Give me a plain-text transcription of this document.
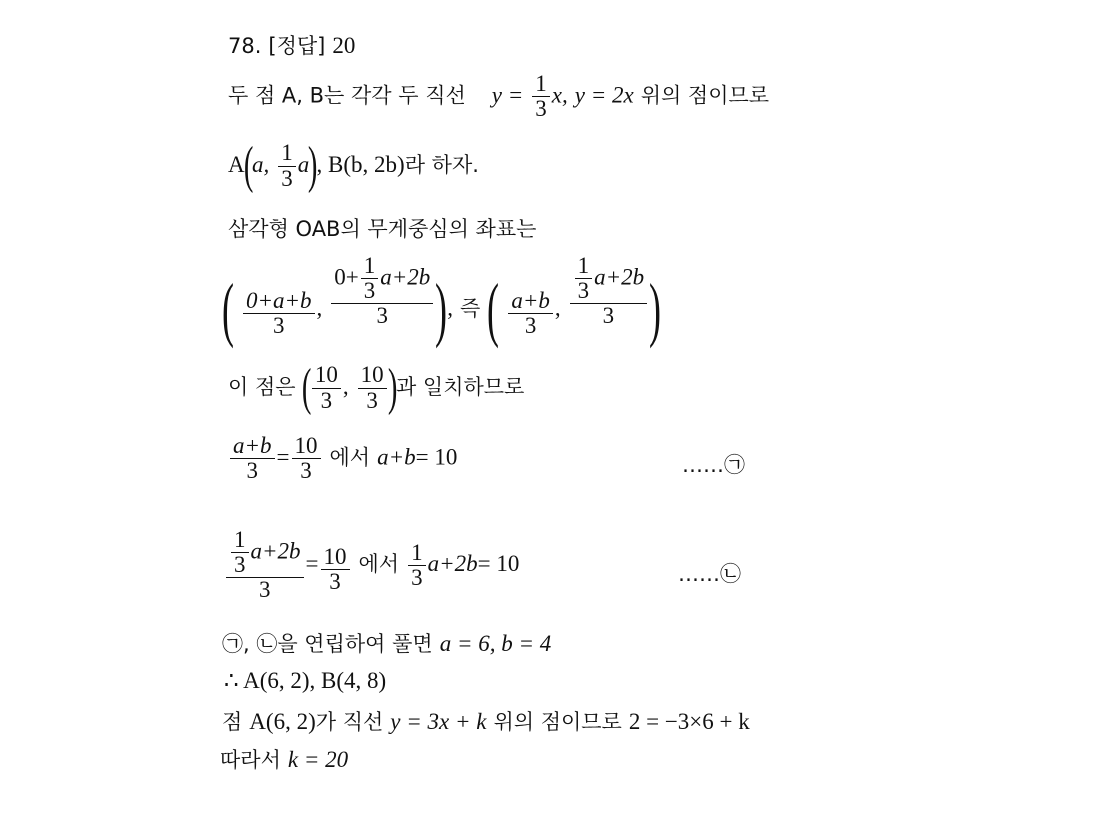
78. [정답] 20
두 점 A, B는 각각 두 직선 $y = \frac{1}{3} x$, y = 2x 위의 점이므로
A(a, $\frac{1}{3} a$), B(b, 2b)라 하자.
삼각형 OAB의 무게중심의 좌표는
( $\frac{0+a+b}{3}$ , $\frac{0+ \frac{1}{3} a+2b}{3}$ ), 즉 ( $\frac{a+b}{3}$ , $\frac{\frac{1}{3} a+2b}{3}$ )
이 점은 ( $\frac{10}{3}$ , $\frac{10}{3}$ )과 일치하므로
$\frac{a+b}{3} = \frac{10}{3}$ 에서 a+b= 10	……㉠
$\frac{\frac{1}{3} a+2b}{3} = \frac{10}{3}$ 에서 $\frac{1}{3} a+2b= 10$	……㉡
㉠, ㉡을 연립하여 풀면 a = 6, b = 4
∴ A(6, 2), B(4, 8)
점 A(6, 2)가 직선 y = 3x + k 위의 점이므로 2 = −3×6 + k
따라서 k = 20
